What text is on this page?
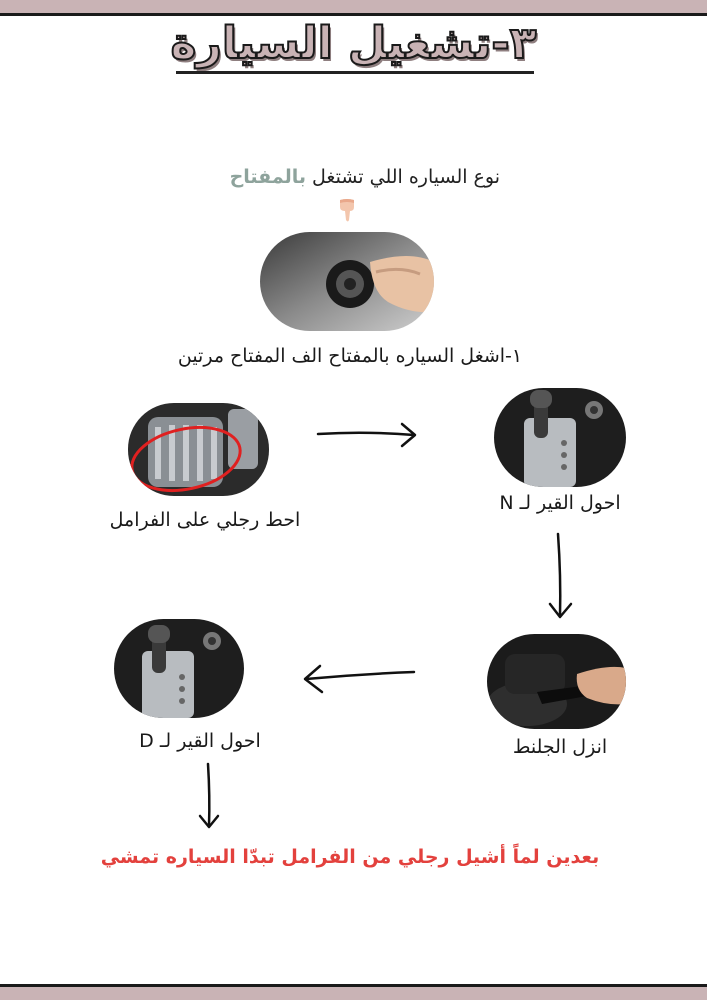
٣-تشغيل السيارة
نوع السياره اللي تشتغل بالمفتاح
١-اشغل السياره بالمفتاح الف المفتاح مرتين
احول القير لـ N
احط رجلي على الفرامل
انزل الجلنط
احول القير لـ D
بعدين لماً أشيل رجلي من الفرامل تبدّا السياره تمشي
